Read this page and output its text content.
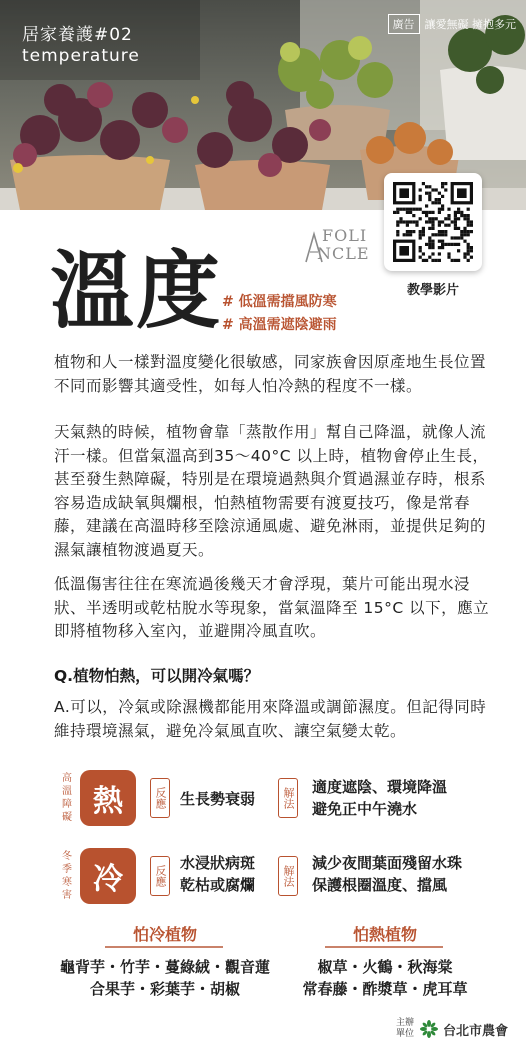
居家養護#02
temperature
廣告 讓愛無礙 擁抱多元
FOLI
NCLE
教學影片
溫度 # 低溫需擋風防寒
# 高溫需遮陰避雨
植物和人一樣對溫度變化很敏感，同家族會因原產地生長位置不同而影響其適受性，如每人怕冷熱的程度不一樣。
天氣熱的時候，植物會靠「蒸散作用」幫自己降溫，就像人流汗一樣。但當氣溫高到35～40°C 以上時，植物會停止生長，甚至發生熱障礙，特別是在環境過熱與介質過濕並存時，根系容易造成缺氧與爛根，怕熱植物需要有渡夏技巧，像是常春藤，建議在高溫時移至陰涼通風處、避免淋雨，並提供足夠的濕氣讓植物渡過夏天。
低溫傷害往往在寒流過後幾天才會浮現，葉片可能出現水浸狀、半透明或乾枯脫水等現象，當氣溫降至 15°C 以下，應立即將植物移入室內，並避開冷風直吹。
Q.植物怕熱，可以開冷氣嗎？
A.可以，冷氣或除濕機都能用來降溫或調節濕度。但記得同時維持環境濕氣，避免冷氣風直吹、讓空氣變太乾。
高溫障礙 熱	反應 生長勢衰弱 解法 適度遮陰、環境降溫
避免正中午澆水
冬季寒害 冷	反應
水浸狀病斑
乾枯或腐爛 解法
減少夜間葉面殘留水珠
保護根圈溫度、擋風
怕冷植物
龜背芋・竹芋・蔓綠絨・觀音蓮
合果芋・彩葉芋・胡椒
怕熱植物
椒草・火鶴・秋海棠
常春藤・酢漿草・虎耳草
主辦單位 台北市農會
